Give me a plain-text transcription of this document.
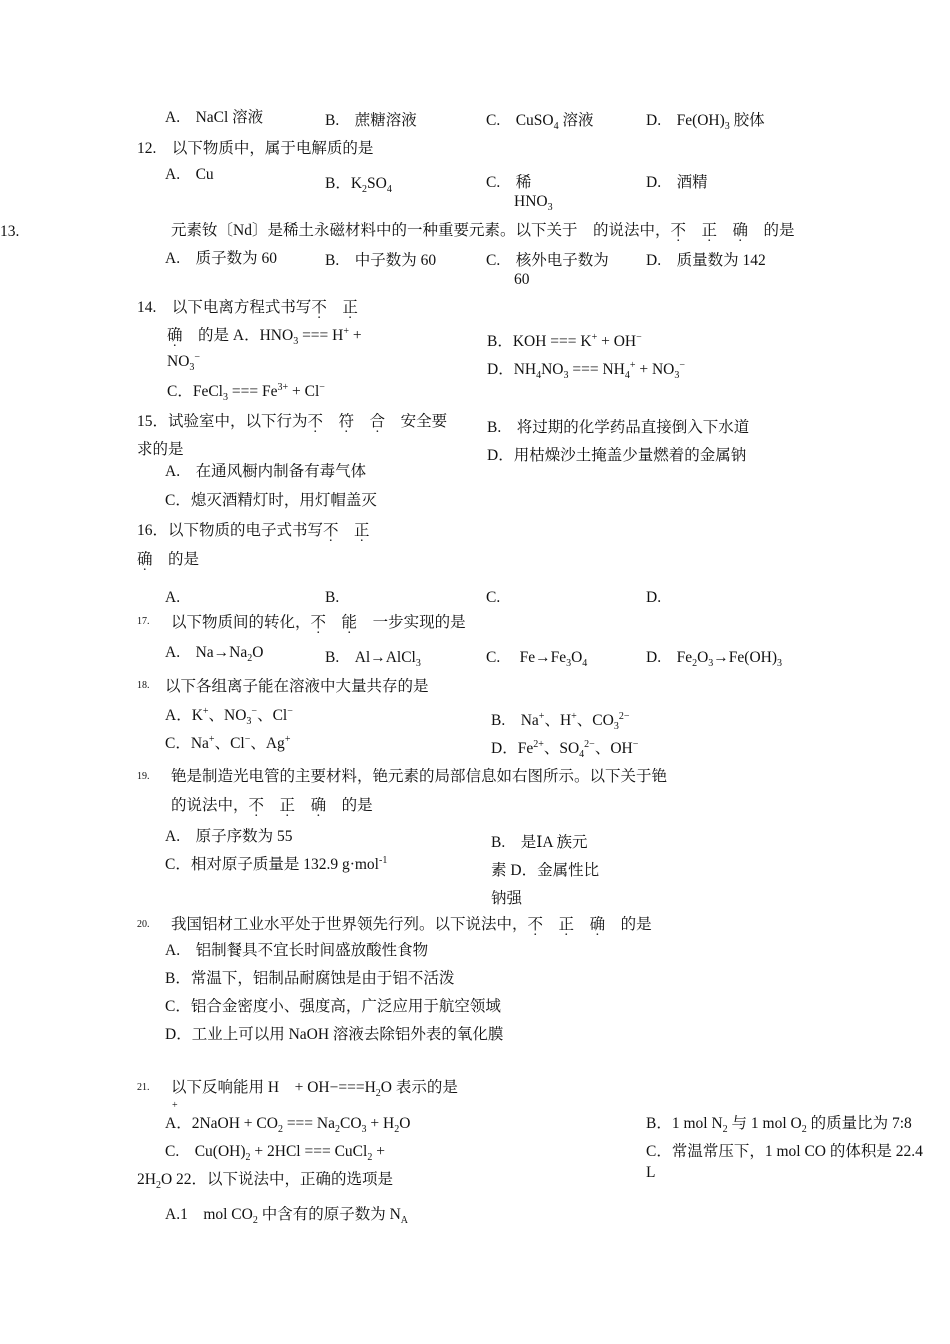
A.　NaCl 溶液	B.　蔗糖溶液	C.　CuSO$_4$ 溶液	D.　$Fe(OH)_3$ 胶体
12.　以下物质中，属于电解质的是
A.　Cu
B．$K_2SO_4$	C.　稀
$HNO_3$
D.　酒精
13.	元素钕〔Nd〕是稀土永磁材料中的一种重要元素。以下关于　的说法中，不　 正　 确　 的是
A.　质子数为 60	B.　中子数为 60	C.　核外电子数为
60
D.　质量数为 142
14.　以下电离方程式书写不　 正
确　 的是 A．$HNO_3$ === H+ +
$NO_3^-$
B．KOH === K+ + OH−
D．$NH_4NO_3$ === $NH_4^+ + NO_3^-$
C．FeCl$_3$ === $Fe^{3+} + Cl^-$
15．试验室中，以下行为不　 符　 合　 安全要
求的是
B.　将过期的化学药品直接倒入下水道
D．用枯燥沙土掩盖少量燃着的金属钠
A.　在通风橱内制备有毒气体
C．熄灭酒精灯时，用灯帽盖灭
16．以下物质的电子式书写不　 正
确　 的是
A.	B.	C.	D.
17. 以下物质间的转化，不　 能　 一步实现的是
A.　$Na\to Na_2O$	B.　Al→AlCl$_3$	C.　 $Fe\to Fe_3O_4$	D.　$Fe_2O_3\to Fe(OH)_3$
18. 以下各组离子能在溶液中大量共存的是
A．K+、$NO_3^-$、Cl−
B.　Na+、H+、$CO_3^{2-}$
C．Na+、Cl−、Ag+
D．$Fe^{2+}$、$SO_4^{2-}$、OH−
19. 铯是制造光电管的主要材料，铯元素的局部信息如右图所示。以下关于铯
的说法中，不　 正　 确　 的是
A.　原子序数为 55	B.　是ⅠA 族元
C．相对原子质量是 132.9 g·mol$^{-1}$
素 D．金属性比
钠强
20. 我国铝材工业水平处于世界领先行列。以下说法中，不　 正　 确　 的是
A.　铝制餐具不宜长时间盛放酸性食物
B．常温下，铝制品耐腐蚀是由于铝不活泼
C．铝合金密度小、强度高，广泛应用于航空领域
D．工业上可以用 NaOH 溶液去除铝外表的氧化膜
21. 以下反响能用 H　 + $OH-===H_2O$ 表示的是
+
A．2NaOH + $CO_2$ === $Na_2CO_3 + H_2O$	B．1 mol $N_2$ 与 1 mol $O_2$ 的质量比为 7:8
C.　$Cu(OH)_2 + 2HCl$ === CuCl$_2$ +	C．常温常压下，1 mol CO 的体积是 22.4
L
$2H_2O$ 22．以下说法中，正确的选项是
A.1　mol $CO_2$ 中含有的原子数为 $N_A$
